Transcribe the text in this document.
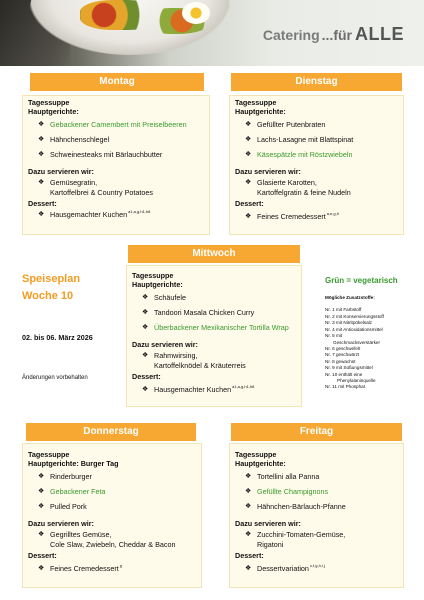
Catering ...für ALLE
Montag
Tagessuppe
Hauptgerichte:
❖ Gebackener Camembert mit Preiselbeeren
❖ Hähnchenschlegel
❖ Schweinesteaks mit Bärlauchbutter
Dazu servieren wir:
❖ Gemüsegratin,
Kartoffelbrei & Country Potatoes
Dessert:
❖ Hausgemachter Kuchen$^{a1,a,g,h1,h8}$
Dienstag
Tagessuppe
Hauptgerichte:
❖ Gefüllter Putenbraten
❖ Lachs-Lasagne mit Blattspinat
❖ Käsespätzle mit Röstzwiebeln
Dazu servieren wir:
❖ Glasierte Karotten,
Kartoffelgratin & feine Nudeln
Dessert:
❖ Feines Cremedessert$^{a,e,g,h}$
Mittwoch
Tagessuppe
Hauptgerichte:
❖ Schäufele
❖ Tandoori Masala Chicken Curry
❖ Überbackener Mexikanischer Tortilla Wrap
Dazu servieren wir:
❖ Rahmwirsing,
Kartoffelknödel & Kräuterreis
Dessert:
❖ Hausgemachter Kuchen$^{a1,a,g,h1,h8}$
Speiseplan
Woche 10
02. bis 06. März 2026
Änderungen vorbehalten
Grün = vegetarisch
Mögliche Zusatzstoffe:
Nr. 1 mit Farbstoff
Nr. 2 mit Konservierungsstoff
Nr. 3 mit Nitritpökelsalz
Nr. 4 mit Antioxidationsmittel
Nr. 5 mit
Geschmacksverstärker
Nr. 6 geschwefelt
Nr. 7 geschwärzt
Nr. 8 gewachst
Nr. 9 mit Süßungsmittel
Nr. 10 enthält eine
Phenylalaninquelle
Nr. 11 mit Phosphat
Donnerstag
Tagessuppe
Hauptgerichte: Burger Tag
❖ Rinderburger
❖ Gebackener Feta
❖ Pulled Pork
Dazu servieren wir:
❖ Gegrilltes Gemüse,
Cole Slaw, Zwiebeln, Cheddar & Bacon
Dessert:
❖ Feines Cremedessert$^g$
Freitag
Tagessuppe
Hauptgerichte:
❖ Tortellini alla Panna
❖ Gefüllte Champignons
❖ Hähnchen-Bärlauch-Pfanne
Dazu servieren wir:
❖ Zucchini-Tomaten-Gemüse,
Rigatoni
Dessert:
❖ Dessertvariation$^{c,f,g,h,i,j}$
